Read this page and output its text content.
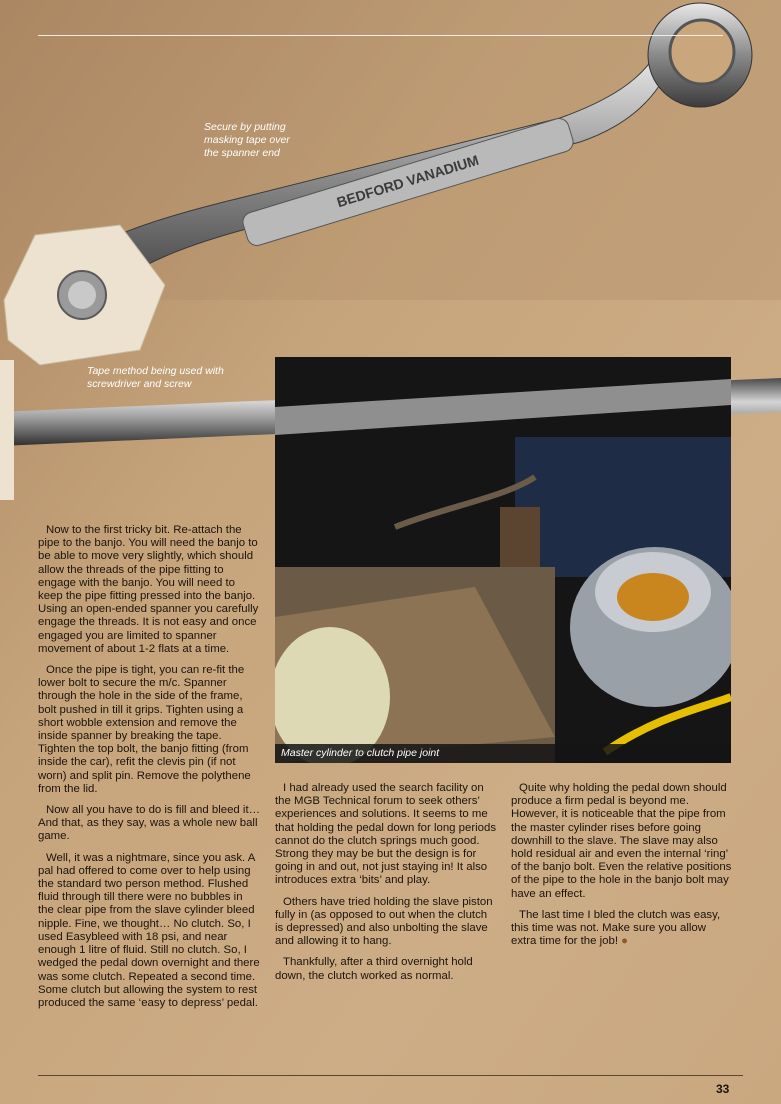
BEDFORD VANADIUM
Secure by putting masking tape over the spanner end
Tape method being used with screwdriver and screw
Master cylinder to clutch pipe joint

Now to the first tricky bit. Re-attach the pipe to the banjo. You will need the banjo to be able to move very slightly, which should allow the threads of the pipe fitting to engage with the banjo. You will need to keep the pipe fitting pressed into the banjo. Using an open-ended spanner you carefully engage the threads. It is not easy and once engaged you are limited to spanner movement of about 1-2 flats at a time.

Once the pipe is tight, you can re-fit the lower bolt to secure the m/c. Spanner through the hole in the side of the frame, bolt pushed in till it grips. Tighten using a short wobble extension and remove the inside spanner by breaking the tape. Tighten the top bolt, the banjo fitting (from inside the car), refit the clevis pin (if not worn) and split pin. Remove the polythene from the lid.

Now all you have to do is fill and bleed it… And that, as they say, was a whole new ball game.

Well, it was a nightmare, since you ask. A pal had offered to come over to help using the standard two person method. Flushed fluid through till there were no bubbles in the clear pipe from the slave cylinder bleed nipple. Fine, we thought… No clutch. So, I used Easybleed with 18 psi, and near enough 1 litre of fluid. Still no clutch. So, I wedged the pedal down overnight and there was some clutch. Repeated a second time. Some clutch but allowing the system to rest produced the same ‘easy to depress’ pedal.

I had already used the search facility on the MGB Technical forum to seek others’ experiences and solutions. It seems to me that holding the pedal down for long periods cannot do the clutch springs much good. Strong they may be but the design is for going in and out, not just staying in! It also introduces extra ‘bits’ and play.

Others have tried holding the slave piston fully in (as opposed to out when the clutch is depressed) and also unbolting the slave and allowing it to hang.

Thankfully, after a third overnight hold down, the clutch worked as normal.

Quite why holding the pedal down should produce a firm pedal is beyond me. However, it is noticeable that the pipe from the master cylinder rises before going downhill to the slave. The slave may also hold residual air and even the internal ‘ring’ of the banjo bolt. Even the relative positions of the pipe to the hole in the banjo bolt may have an effect.

The last time I bled the clutch was easy, this time was not. Make sure you allow extra time for the job! ●

33
